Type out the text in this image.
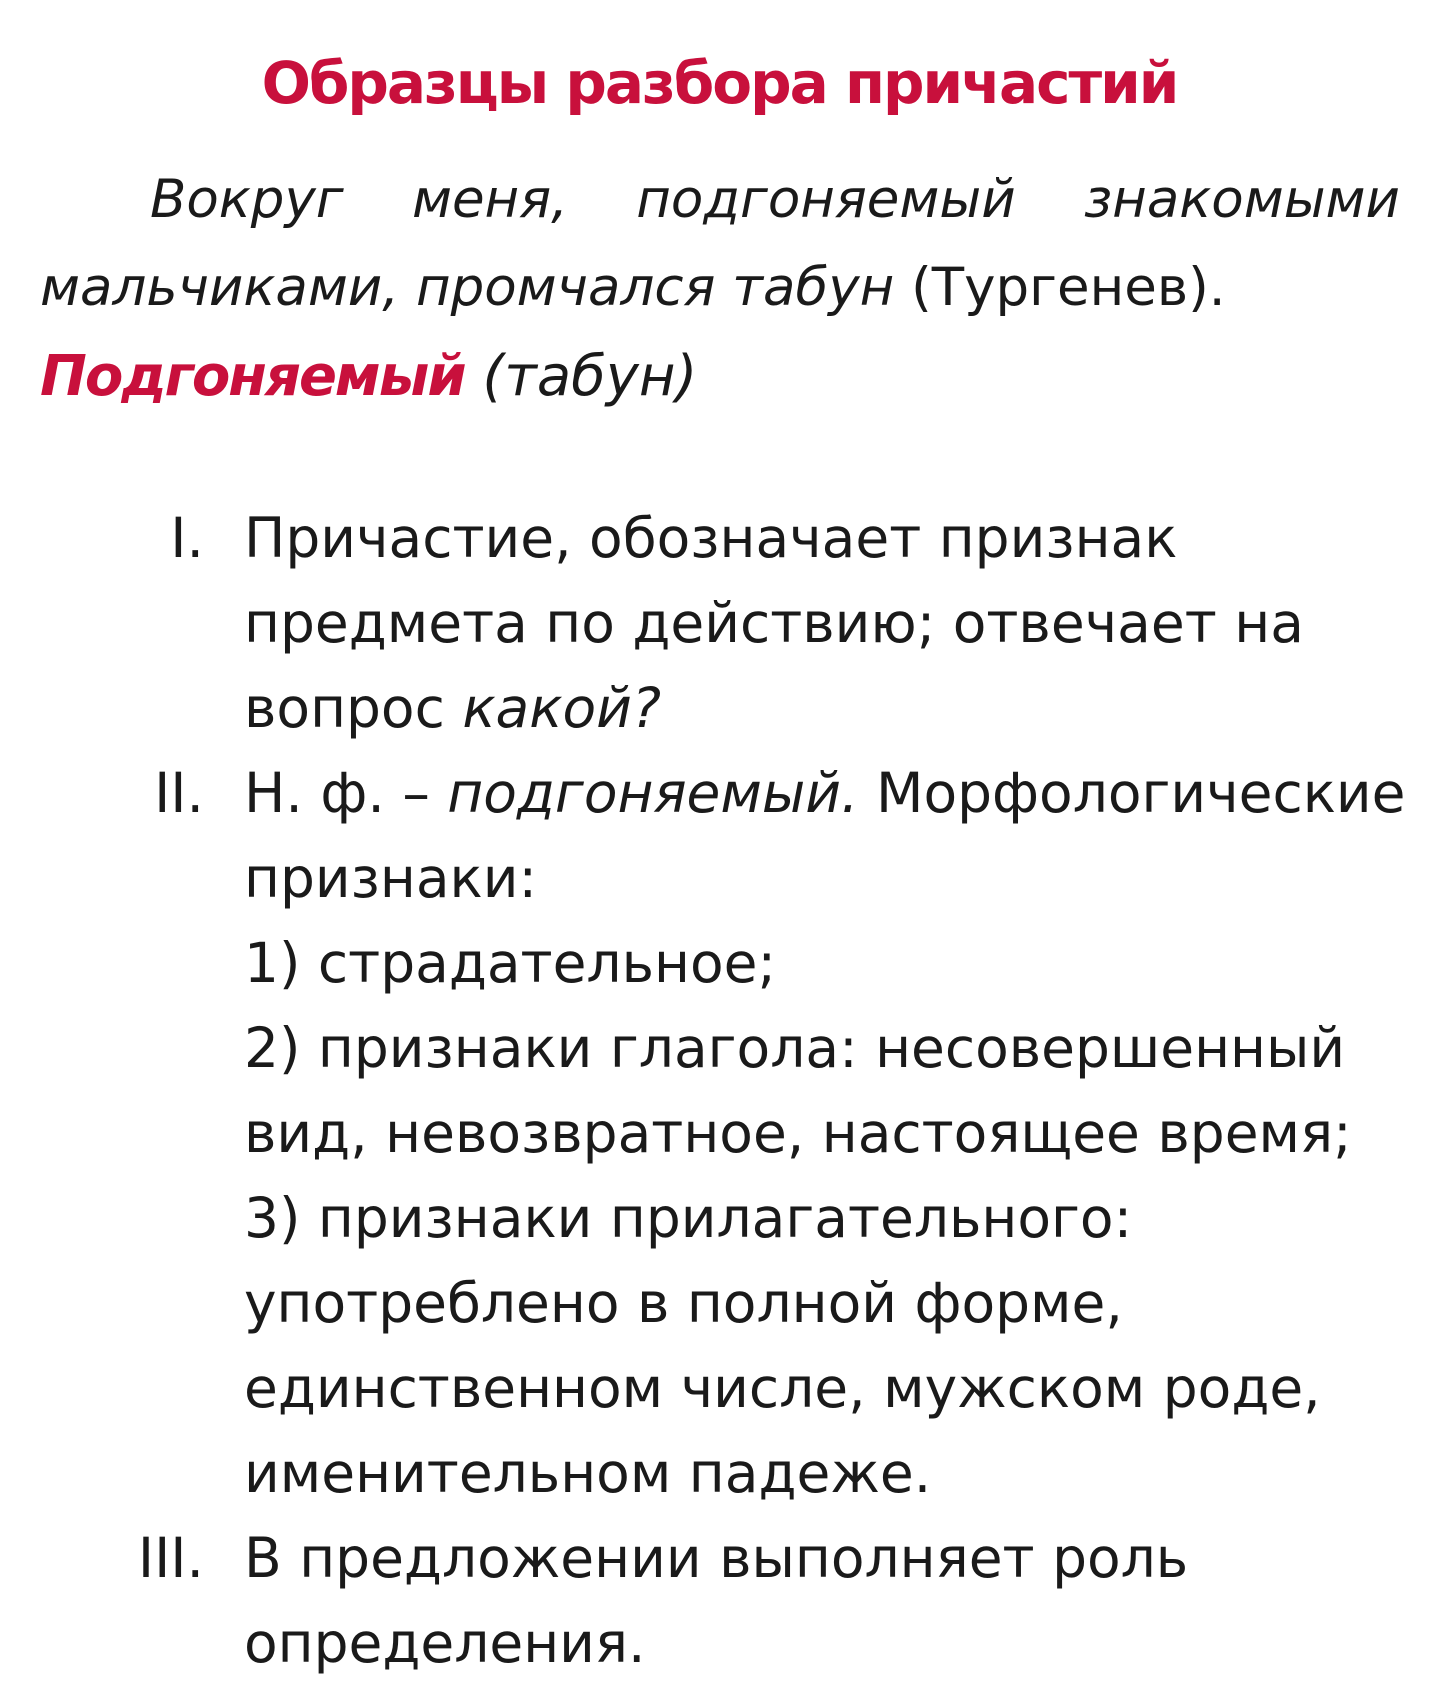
Образцы разбора причастий
Вокруг меня, подгоняемый знакомыми мальчиками, промчался табун (Тургенев).
Подгоняемый (табун)
I. Причастие, обозначает признак предмета по действию; отвечает на вопрос какой?
II. Н. ф. – подгоняемый. Морфологические признаки:
1) страдательное;
2) признаки глагола: несовершенный вид, невозвратное, настоящее время;
3) признаки прилагательного: употреблено в полной форме, единственном числе, мужском роде, именительном падеже.
III. В предложении выполняет роль определения.
